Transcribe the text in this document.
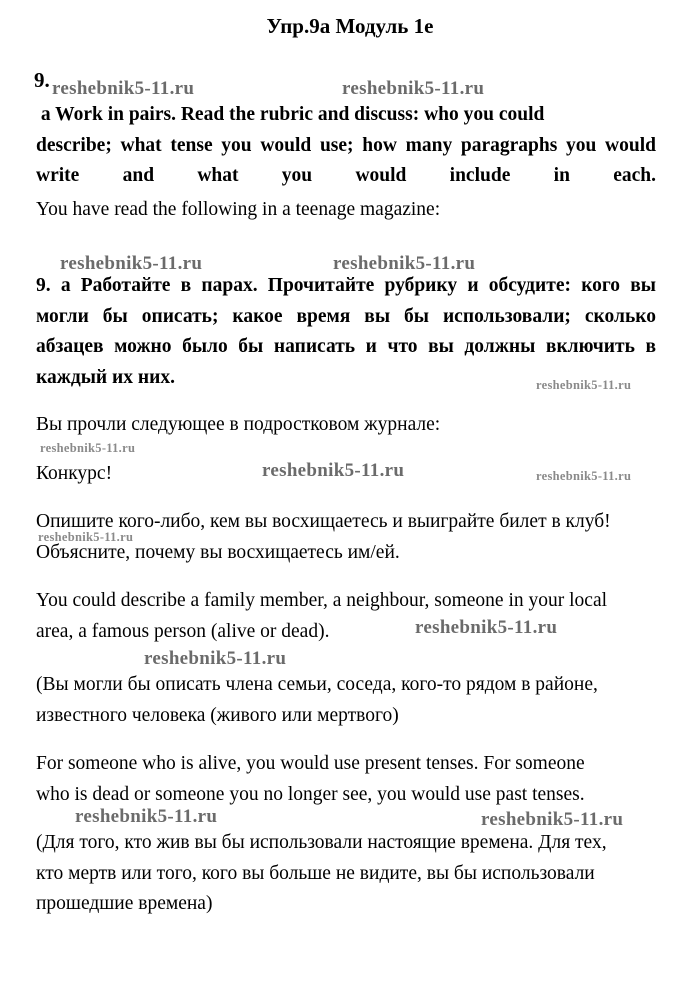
Упр.9a Модуль 1e
9.
a Work in pairs. Read the rubric and discuss: who you could
describe; what tense you would use; how many paragraphs you would
write and what you would include in each.
You have read the following in a teenage magazine:
9. a Работайте в парах. Прочитайте рубрику и обсудите: кого вы
могли бы описать; какое время вы бы использовали; сколько
абзацев можно было бы написать и что вы должны включить в
каждый их них.
Вы прочли следующее в подростковом журнале:
Конкурс!
Опишите кого-либо, кем вы восхищаетесь и выиграйте билет в клуб!
Объясните, почему вы восхищаетесь им/ей.
You could describe a family member, a neighbour, someone in your local
area, a famous person (alive or dead).
(Вы могли бы описать члена семьи, соседа, кого-то рядом в районе,
известного человека (живого или мертвого)
For someone who is alive, you would use present tenses. For someone
who is dead or someone you no longer see, you would use past tenses.
(Для того, кто жив вы бы использовали настоящие времена. Для тех,
кто мертв или того, кого вы больше не видите, вы бы использовали
прошедшие времена)
reshebnik5-11.ru	reshebnik5-11.ru
reshebnik5-11.ru	reshebnik5-11.ru
reshebnik5-11.ru
reshebnik5-11.ru
reshebnik5-11.ru	reshebnik5-11.ru
reshebnik5-11.ru
reshebnik5-11.ru
reshebnik5-11.ru
reshebnik5-11.ru	reshebnik5-11.ru
